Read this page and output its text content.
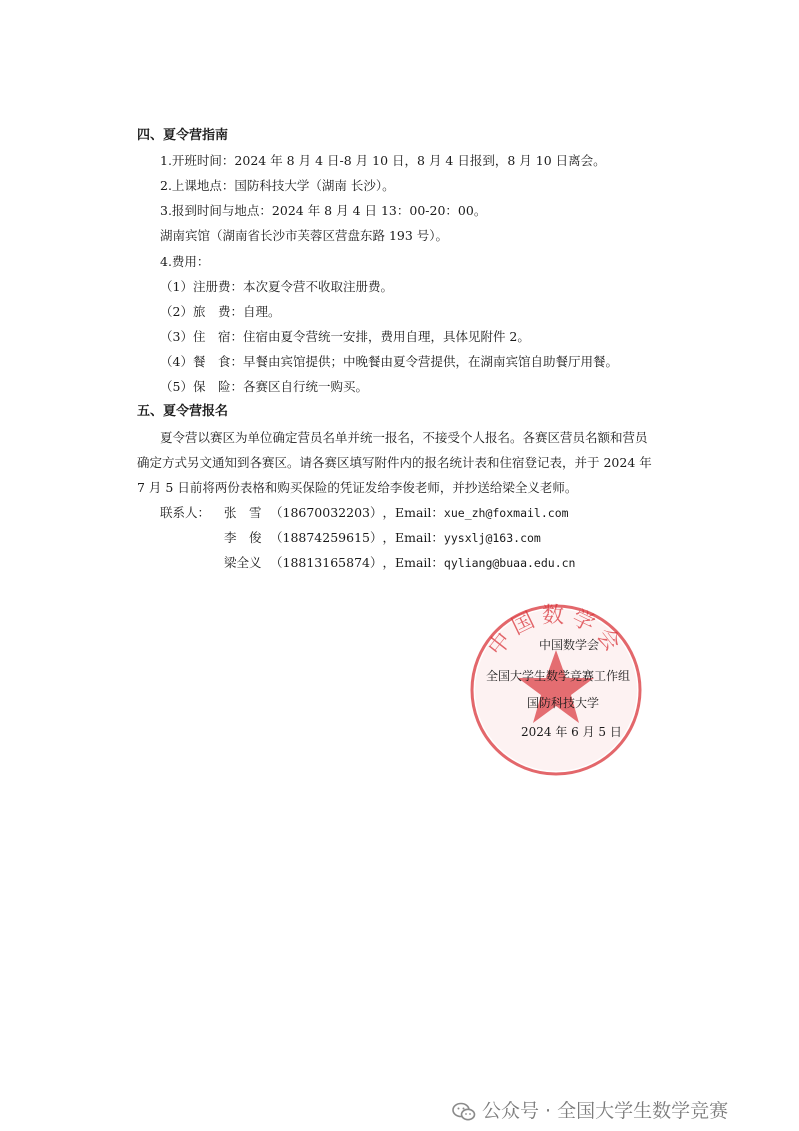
四、夏令营指南
1.开班时间：2024 年 8 月 4 日-8 月 10 日，8 月 4 日报到，8 月 10 日离会。
2.上课地点：国防科技大学（湖南 长沙）。
3.报到时间与地点：2024 年 8 月 4 日 13：00-20：00。
湖南宾馆（湖南省长沙市芙蓉区营盘东路 193 号）。
4.费用：
（1）注册费：本次夏令营不收取注册费。
（2）旅　费：自理。
（3）住　宿：住宿由夏令营统一安排，费用自理，具体见附件 2。
（4）餐　食：早餐由宾馆提供；中晚餐由夏令营提供，在湖南宾馆自助餐厅用餐。
（5）保　险：各赛区自行统一购买。
五、夏令营报名
夏令营以赛区为单位确定营员名单并统一报名，不接受个人报名。各赛区营员名额和营员
确定方式另文通知到各赛区。请各赛区填写附件内的报名统计表和住宿登记表，并于 2024 年
7 月 5 日前将两份表格和购买保险的凭证发给李俊老师，并抄送给梁全义老师。
联系人： 张　雪 （18670032203），Email：xue_zh@foxmail.com
李　俊 （18874259615），Email：yysxlj@163.com
梁全义 （18813165874），Email：qyliang@buaa.edu.cn
中国数学会
中国数学会
全国大学生数学竞赛工作组
国防科技大学
2024 年 6 月 5 日
公众号 · 全国大学生数学竞赛
